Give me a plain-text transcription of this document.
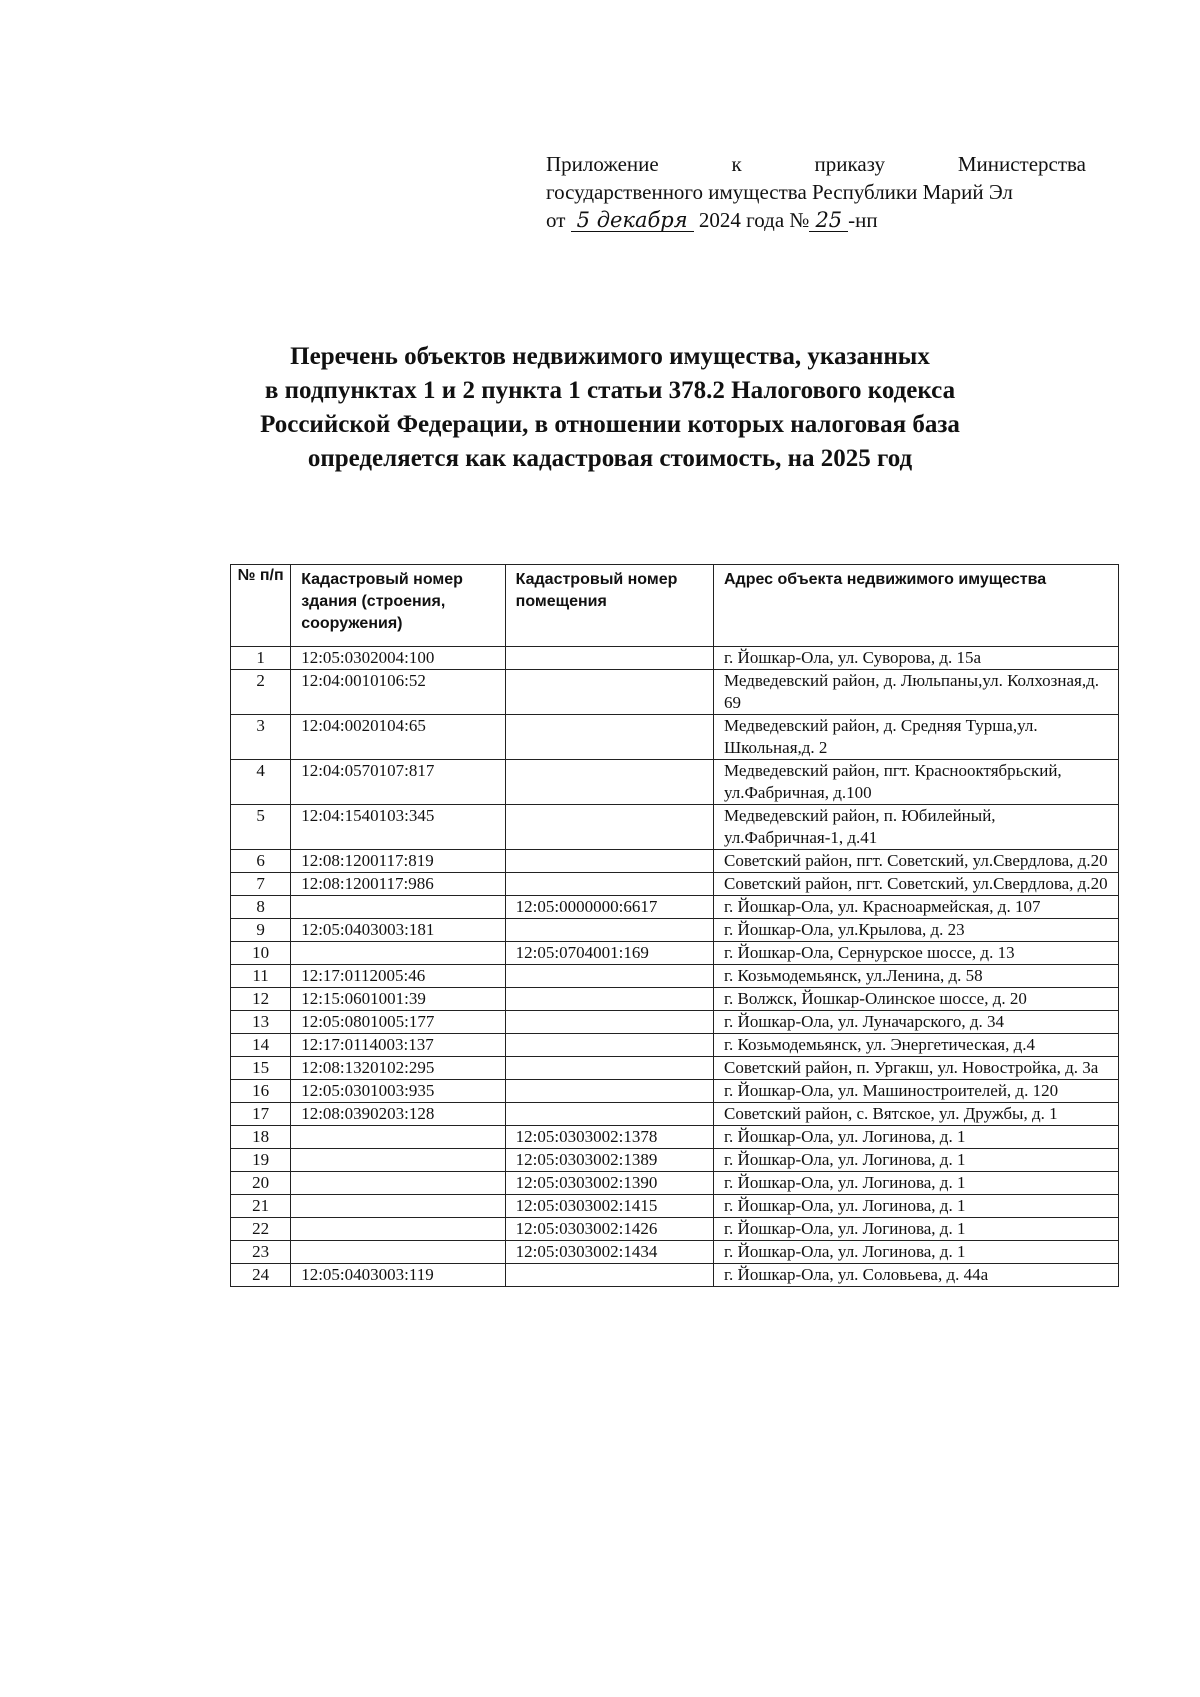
Приложение	к	приказу	Министерства
государственного имущества Республики Марий Эл
от 5 декабря 2024 года № 25 -нп
Перечень объектов недвижимого имущества, указанных
в подпунктах 1 и 2 пункта 1 статьи 378.2 Налогового кодекса
Российской Федерации, в отношении которых налоговая база
определяется как кадастровая стоимость, на 2025 год
№ п/п	Кадастровый номер здания (строения, сооружения)	Кадастровый номер помещения	Адрес объекта недвижимого имущества
1	12:05:0302004:100		г. Йошкар-Ола, ул. Суворова, д. 15а
2	12:04:0010106:52		Медведевский район, д. Люльпаны,ул. Колхозная,д. 69
3	12:04:0020104:65		Медведевский район, д. Средняя Турша,ул. Школьная,д. 2
4	12:04:0570107:817		Медведевский район, пгт. Краснооктябрьский, ул.Фабричная, д.100
5	12:04:1540103:345		Медведевский район, п. Юбилейный, ул.Фабричная-1, д.41
6	12:08:1200117:819		Советский район, пгт. Советский, ул.Свердлова, д.20
7	12:08:1200117:986		Советский район, пгт. Советский, ул.Свердлова, д.20
8		12:05:0000000:6617	г. Йошкар-Ола, ул. Красноармейская, д. 107
9	12:05:0403003:181		г. Йошкар-Ола, ул.Крылова, д. 23
10		12:05:0704001:169	г. Йошкар-Ола, Сернурское шоссе, д. 13
11	12:17:0112005:46		г. Козьмодемьянск, ул.Ленина, д. 58
12	12:15:0601001:39		г. Волжск, Йошкар-Олинское шоссе, д. 20
13	12:05:0801005:177		г. Йошкар-Ола, ул. Луначарского, д. 34
14	12:17:0114003:137		г. Козьмодемьянск, ул. Энергетическая, д.4
15	12:08:1320102:295		Советский район, п. Ургакш, ул. Новостройка, д. 3а
16	12:05:0301003:935		г. Йошкар-Ола, ул. Машиностроителей, д. 120
17	12:08:0390203:128		Советский район, с. Вятское, ул. Дружбы, д. 1
18		12:05:0303002:1378	г. Йошкар-Ола, ул. Логинова, д. 1
19		12:05:0303002:1389	г. Йошкар-Ола, ул. Логинова, д. 1
20		12:05:0303002:1390	г. Йошкар-Ола, ул. Логинова, д. 1
21		12:05:0303002:1415	г. Йошкар-Ола, ул. Логинова, д. 1
22		12:05:0303002:1426	г. Йошкар-Ола, ул. Логинова, д. 1
23		12:05:0303002:1434	г. Йошкар-Ола, ул. Логинова, д. 1
24	12:05:0403003:119		г. Йошкар-Ола, ул. Соловьева, д. 44а
